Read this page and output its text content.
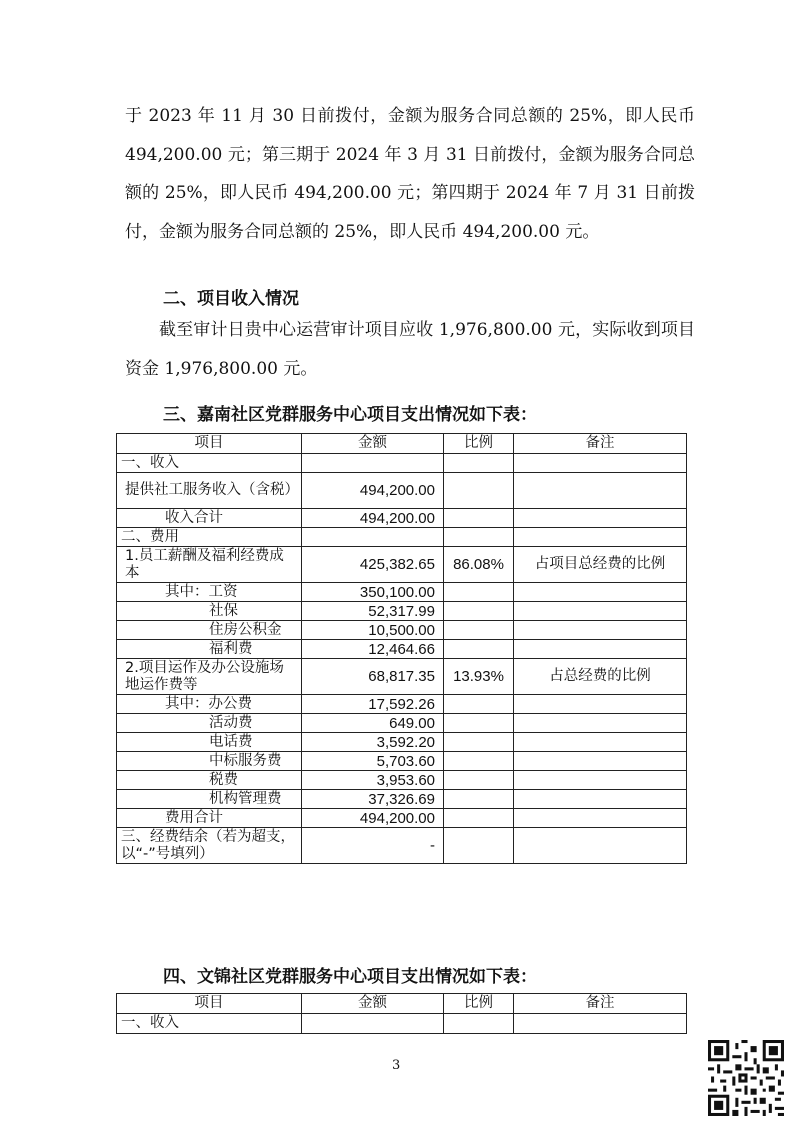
于 2023 年 11 月 30 日前拨付，金额为服务合同总额的 25%，即人民币 494,200.00 元；第三期于 2024 年 3 月 31 日前拨付，金额为服务合同总额的 25%，即人民币 494,200.00 元；第四期于 2024 年 7 月 31 日前拨付，金额为服务合同总额的 25%，即人民币 494,200.00 元。

二、项目收入情况

截至审计日贵中心运营审计项目应收 1,976,800.00 元，实际收到项目资金 1,976,800.00 元。

三、嘉南社区党群服务中心项目支出情况如下表：

项目	金额	比例	备注
一、收入			
提供社工服务收入（含税）	494,200.00		
收入合计	494,200.00		
二、费用			
1.员工薪酬及福利经费成本	425,382.65	86.08%	占项目总经费的比例
其中：工资	350,100.00		
社保	52,317.99		
住房公积金	10,500.00		
福利费	12,464.66		
2.项目运作及办公设施场地运作费等	68,817.35	13.93%	占总经费的比例
其中：办公费	17,592.26		
活动费	649.00		
电话费	3,592.20		
中标服务费	5,703.60		
税费	3,953.60		
机构管理费	37,326.69		
费用合计	494,200.00		
三、经费结余（若为超支，以“-”号填列）	-		

四、文锦社区党群服务中心项目支出情况如下表：

项目	金额	比例	备注
一、收入			
3
